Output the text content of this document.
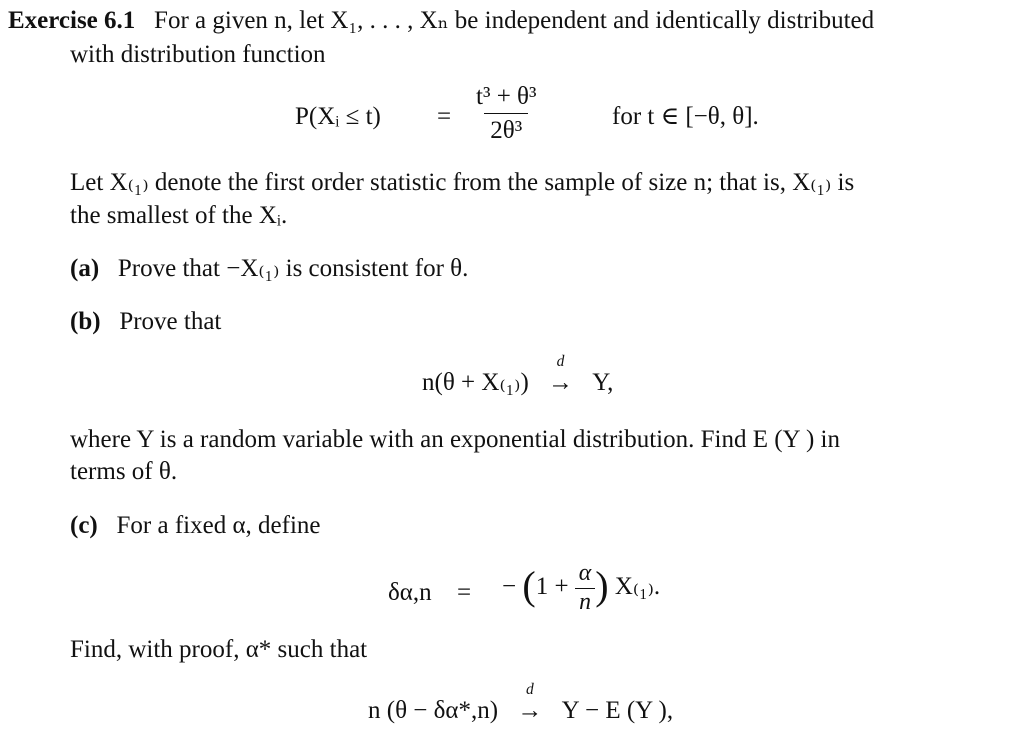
Exercise 6.1 For a given n, let X₁, . . . , Xₙ be independent and identically distributed
with distribution function
P(Xᵢ ≤ $t) = \frac{\text{t³ + θ³}}{\text{2θ³}}$	for t ∈ [−θ, θ].
Let X₍₁₎ denote the first order statistic from the sample of size n; that is, X₍₁₎ is
the smallest of the Xᵢ.
(a) Prove that −X₍₁₎ is consistent for θ.
(b) Prove that
n(θ + X₍₁₎)
d
→ Y,
where Y is a random variable with an exponential distribution. Find E (Y ) in
terms of θ.
(c) For a fixed α, define
δα,n = − ($1 + \frac{\alpha}{n}$ ) X₍₁₎.
Find, with proof, α* such that
n (θ − δα*,n)
d
→ Y − E (Y ),
